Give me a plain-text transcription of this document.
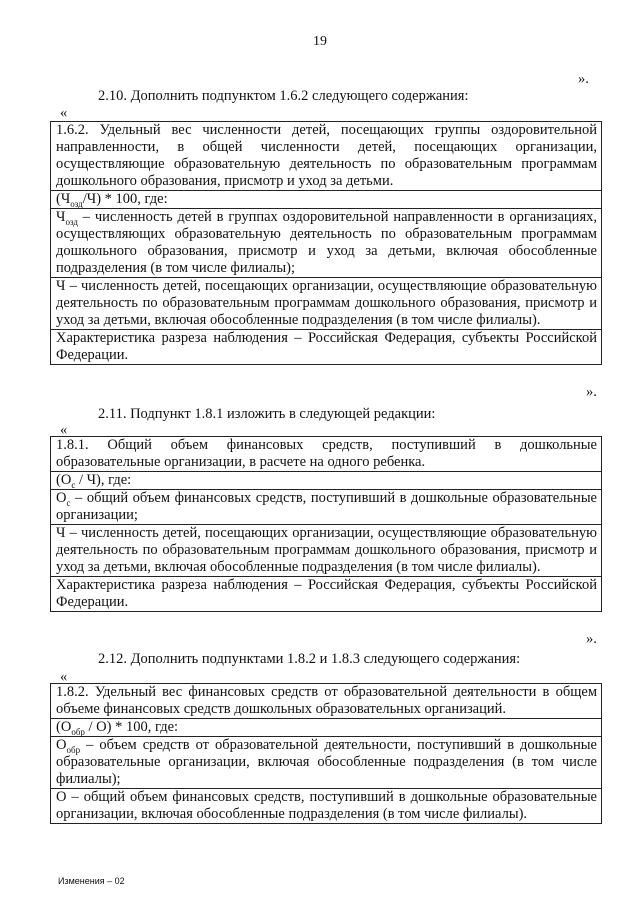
19
».
2.10. Дополнить подпунктом 1.6.2 следующего содержания:
«
1.6.2. Удельный вес численности детей, посещающих группы оздоровительной направленности, в общей численности детей, посещающих организации, осуществляющие образовательную деятельность по образовательным программам дошкольного образования, присмотр и уход за детьми.
$(Ч_{озд}/Ч) * 100$, где:
$Ч_{озд}$ – численность детей в группах оздоровительной направленности в организациях, осуществляющих образовательную деятельность по образовательным программам дошкольного образования, присмотр и уход за детьми, включая обособленные подразделения (в том числе филиалы);
Ч – численность детей, посещающих организации, осуществляющие образовательную деятельность по образовательным программам дошкольного образования, присмотр и уход за детьми, включая обособленные подразделения (в том числе филиалы).
Характеристика разреза наблюдения – Российская Федерация, субъекты Российской Федерации.
».
2.11. Подпункт 1.8.1 изложить в следующей редакции:
«
1.8.1. Общий объем финансовых средств, поступивший в дошкольные образовательные организации, в расчете на одного ребенка.
$(О_с / Ч)$, где:
$О_с$ – общий объем финансовых средств, поступивший в дошкольные образовательные организации;
Ч – численность детей, посещающих организации, осуществляющие образовательную деятельность по образовательным программам дошкольного образования, присмотр и уход за детьми, включая обособленные подразделения (в том числе филиалы).
Характеристика разреза наблюдения – Российская Федерация, субъекты Российской Федерации.
».
2.12. Дополнить подпунктами 1.8.2 и 1.8.3 следующего содержания:
«
1.8.2. Удельный вес финансовых средств от образовательной деятельности в общем объеме финансовых средств дошкольных образовательных организаций.
$(О_{обр} / О) * 100$, где:
$О_{обр}$ – объем средств от образовательной деятельности, поступивший в дошкольные образовательные организации, включая обособленные подразделения (в том числе филиалы);
О – общий объем финансовых средств, поступивший в дошкольные образовательные организации, включая обособленные подразделения (в том числе филиалы).
Изменения – 02
